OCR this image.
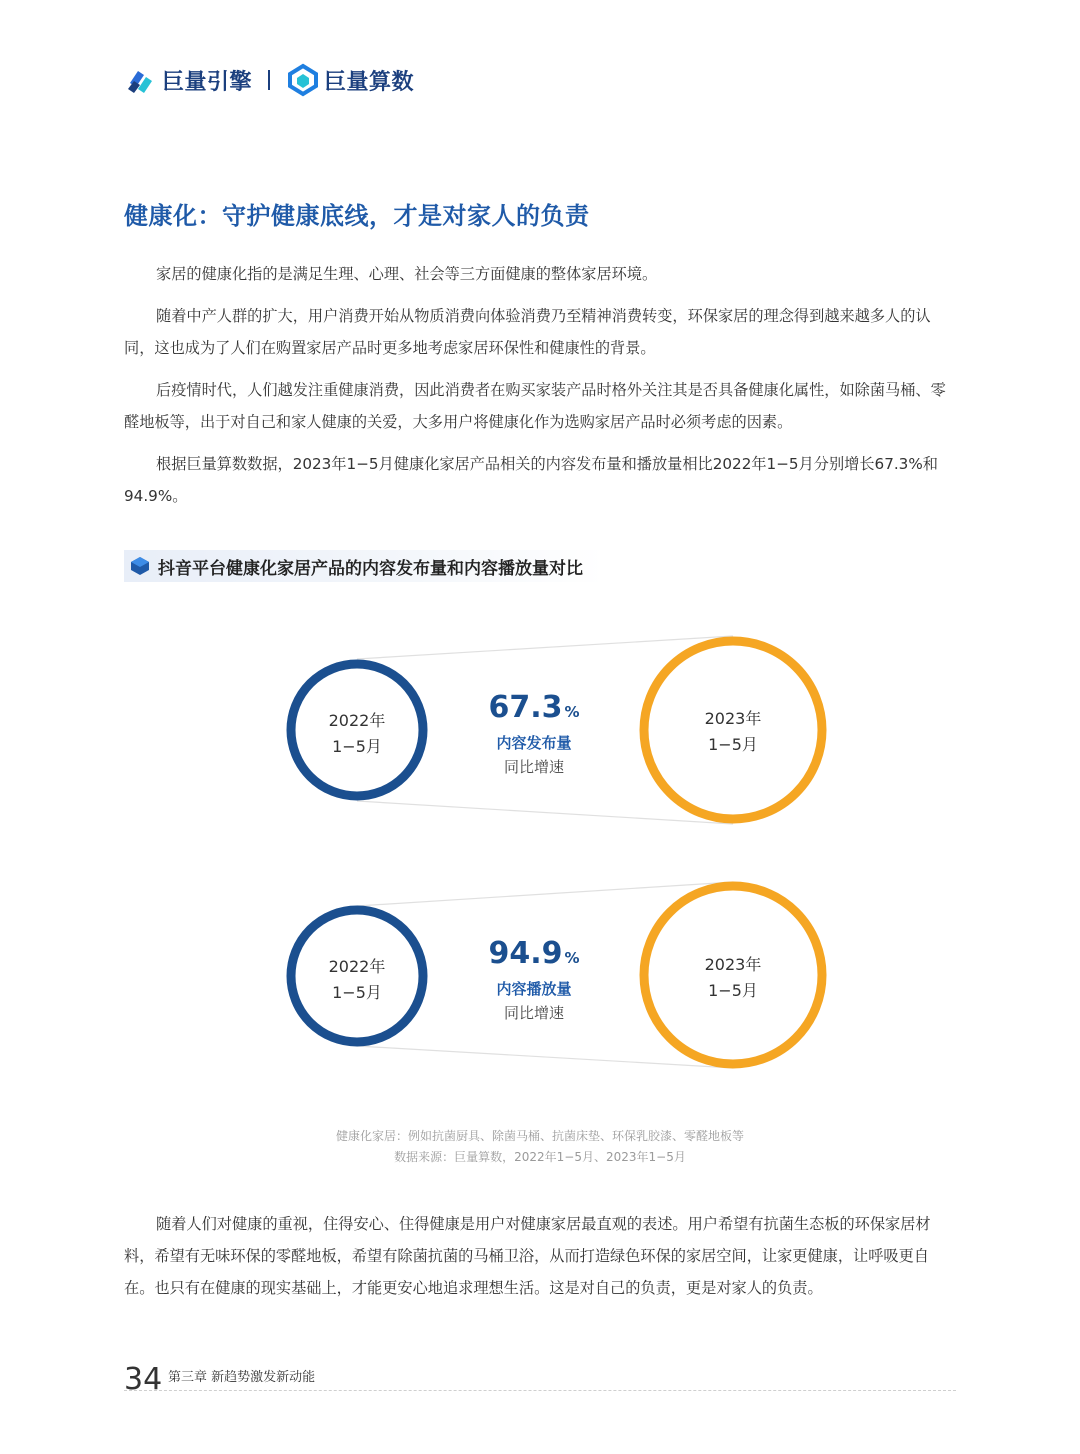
巨量引擎	巨量算数
健康化：守护健康底线，才是对家人的负责

家居的健康化指的是满足生理、心理、社会等三方面健康的整体家居环境。

随着中产人群的扩大，用户消费开始从物质消费向体验消费乃至精神消费转变，环保家居的理念得到越来越多人的认同，这也成为了人们在购置家居产品时更多地考虑家居环保性和健康性的背景。

后疫情时代，人们越发注重健康消费，因此消费者在购买家装产品时格外关注其是否具备健康化属性，如除菌马桶、零醛地板等，出于对自己和家人健康的关爱，大多用户将健康化作为选购家居产品时必须考虑的因素。

根据巨量算数数据，2023年1−5月健康化家居产品相关的内容发布量和播放量相比2022年1−5月分别增长67.3%和94.9%。

抖音平台健康化家居产品的内容发布量和内容播放量对比
2022年
1−5月
2023年
1−5月
67.3 %
内容发布量
同比增速
2022年
1−5月
2023年
1−5月
94.9 %
内容播放量
同比增速
健康化家居：例如抗菌厨具、除菌马桶、抗菌床垫、环保乳胶漆、零醛地板等
数据来源：巨量算数，2022年1−5月、2023年1−5月

随着人们对健康的重视，住得安心、住得健康是用户对健康家居最直观的表述。用户希望有抗菌生态板的环保家居材料，希望有无味环保的零醛地板，希望有除菌抗菌的马桶卫浴，从而打造绿色环保的家居空间，让家更健康，让呼吸更自在。也只有在健康的现实基础上，才能更安心地追求理想生活。这是对自己的负责，更是对家人的负责。

34 第三章 新趋势激发新动能
